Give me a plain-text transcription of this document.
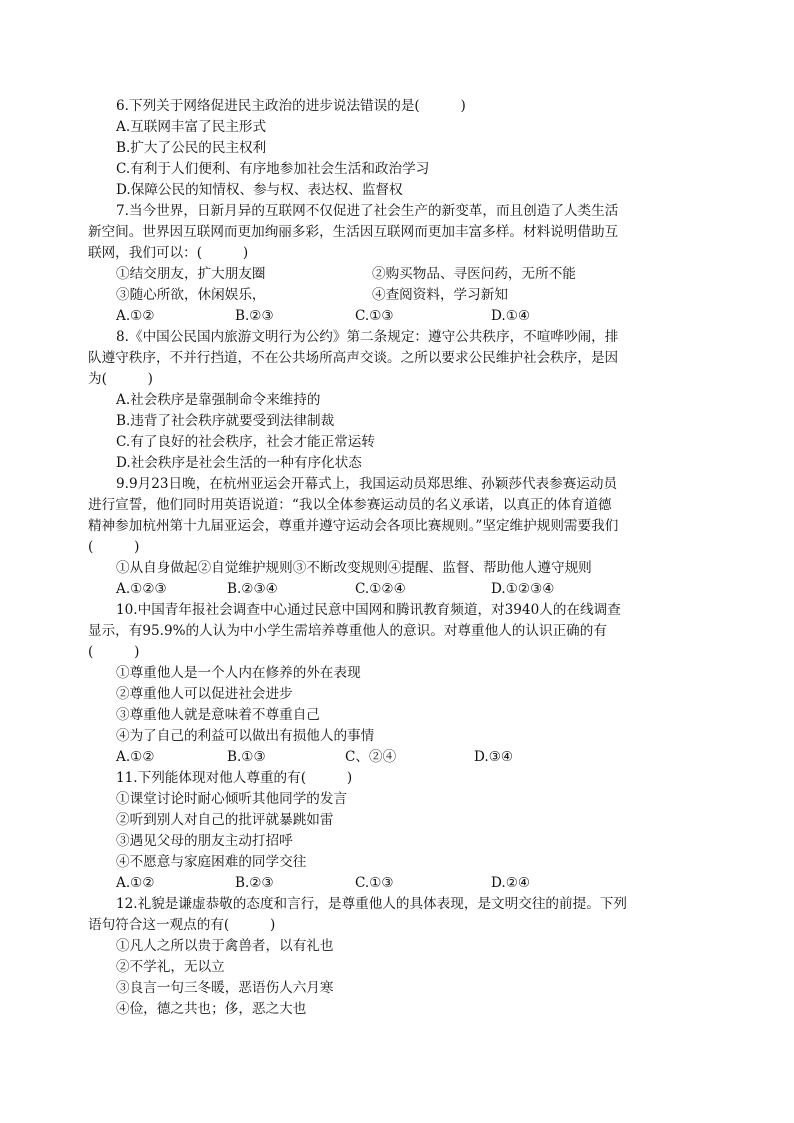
6.下列关于网络促进民主政治的进步说法错误的是(　　　)
A.互联网丰富了民主形式
B.扩大了公民的民主权利
C.有利于人们便利、有序地参加社会生活和政治学习
D.保障公民的知情权、参与权、表达权、监督权
7.当今世界，日新月异的互联网不仅促进了社会生产的新变革，而且创造了人类生活
新空间。世界因互联网而更加绚丽多彩，生活因互联网而更加丰富多样。材料说明借助互
联网，我们可以：(　　　)
①结交朋友，扩大朋友圈	②购买物品、寻医问药，无所不能
③随心所欲，休闲娱乐，	④查阅资料，学习新知
A.①②	B.②③	C.①③	D.①④
8.《中国公民国内旅游文明行为公约》第二条规定：遵守公共秩序，不喧哗吵闹，排
队遵守秩序，不并行挡道，不在公共场所高声交谈。之所以要求公民维护社会秩序，是因
为(　　　)
A.社会秩序是靠强制命令来维持的
B.违背了社会秩序就要受到法律制裁
C.有了良好的社会秩序，社会才能正常运转
D.社会秩序是社会生活的一种有序化状态
9.9月23日晚，在杭州亚运会开幕式上，我国运动员郑思维、孙颖莎代表参赛运动员
进行宣誓，他们同时用英语说道：“我以全体参赛运动员的名义承诺，以真正的体育道德
精神参加杭州第十九届亚运会，尊重并遵守运动会各项比赛规则。”坚定维护规则需要我们
(　　　)
①从自身做起②自觉维护规则③不断改变规则④提醒、监督、帮助他人遵守规则
A.①②③	B.②③④	C.①②④	D.①②③④
10.中国青年报社会调查中心通过民意中国网和腾讯教育频道，对3940人的在线调查
显示，有95.9%的人认为中小学生需培养尊重他人的意识。对尊重他人的认识正确的有
(　　　)
①尊重他人是一个人内在修养的外在表现
②尊重他人可以促进社会进步
③尊重他人就是意味着不尊重自己
④为了自己的利益可以做出有损他人的事情
A.①②	B.①③	C、②④	D.③④
11.下列能体现对他人尊重的有(　　　)
①课堂讨论时耐心倾听其他同学的发言
②听到别人对自己的批评就暴跳如雷
③遇见父母的朋友主动打招呼
④不愿意与家庭困难的同学交往
A.①②	B.②③	C.①③	D.②④
12.礼貌是谦虚恭敬的态度和言行，是尊重他人的具体表现，是文明交往的前提。下列
语句符合这一观点的有(　　　)
①凡人之所以贵于禽兽者，以有礼也
②不学礼，无以立
③良言一句三冬暖，恶语伤人六月寒
④俭，德之共也；侈，恶之大也
